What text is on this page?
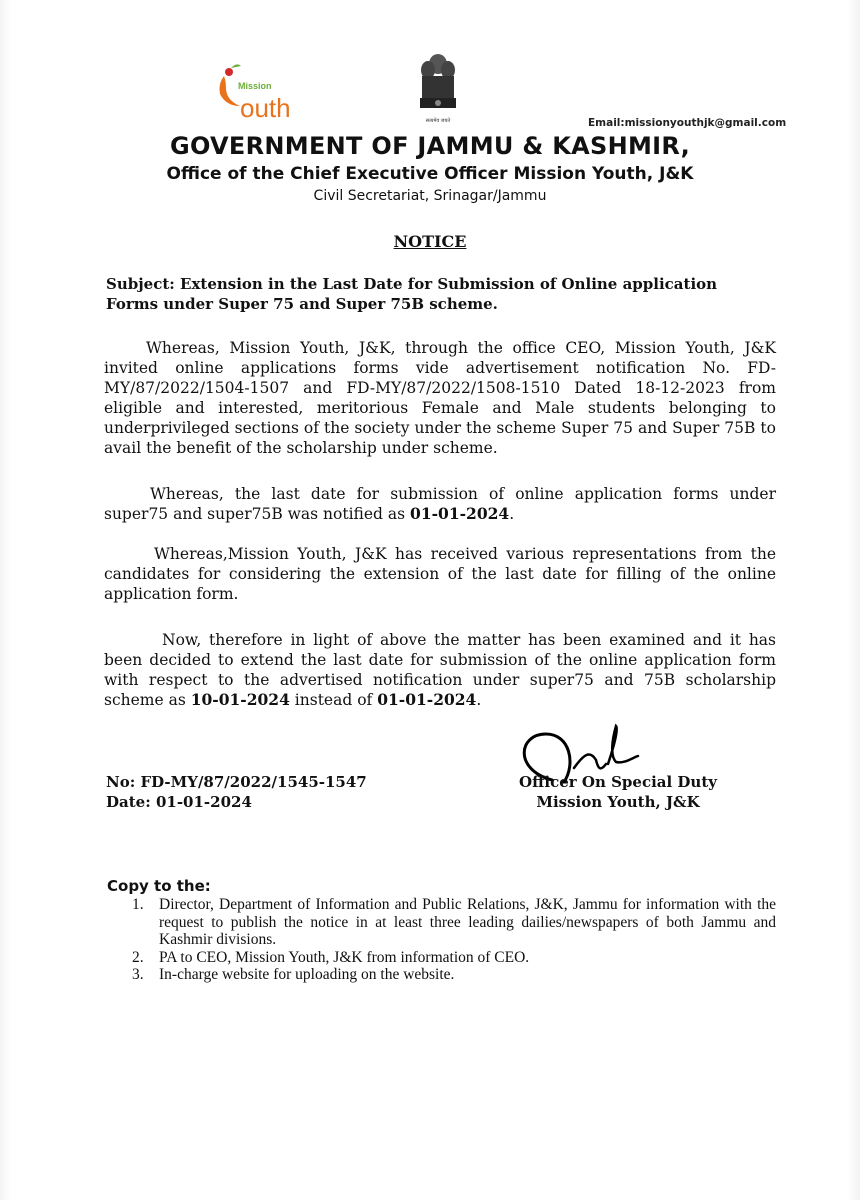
Mission
outh	सत्यमेव जयते	Email:missionyouthjk@gmail.com
GOVERNMENT OF JAMMU & KASHMIR,
Office of the Chief Executive Officer Mission Youth, J&K
Civil Secretariat, Srinagar/Jammu
NOTICE
Subject: Extension in the Last Date for Submission of Online application Forms under Super 75 and Super 75B scheme.
Whereas, Mission Youth, J&K, through the office CEO, Mission Youth, J&K invited online applications forms vide advertisement notification No. FD-MY/87/2022/1504-1507 and FD-MY/87/2022/1508-1510 Dated 18-12-2023 from eligible and interested, meritorious Female and Male students belonging to underprivileged sections of the society under the scheme Super 75 and Super 75B to avail the benefit of the scholarship under scheme.
Whereas, the last date for submission of online application forms under super75 and super75B was notified as 01-01-2024.
Whereas,Mission Youth, J&K has received various representations from the candidates for considering the extension of the last date for filling of the online application form.
Now, therefore in light of above the matter has been examined and it has been decided to extend the last date for submission of the online application form with respect to the advertised notification under super75 and 75B scholarship scheme as 10-01-2024 instead of 01-01-2024.
No: FD-MY/87/2022/1545-1547
Date: 01-01-2024
Officer On Special Duty
Mission Youth, J&K
Copy to the:
1. Director, Department of Information and Public Relations, J&K, Jammu for information with the request to publish the notice in at least three leading dailies/newspapers of both Jammu and Kashmir divisions.
2. PA to CEO, Mission Youth, J&K from information of CEO.
3. In-charge website for uploading on the website.
